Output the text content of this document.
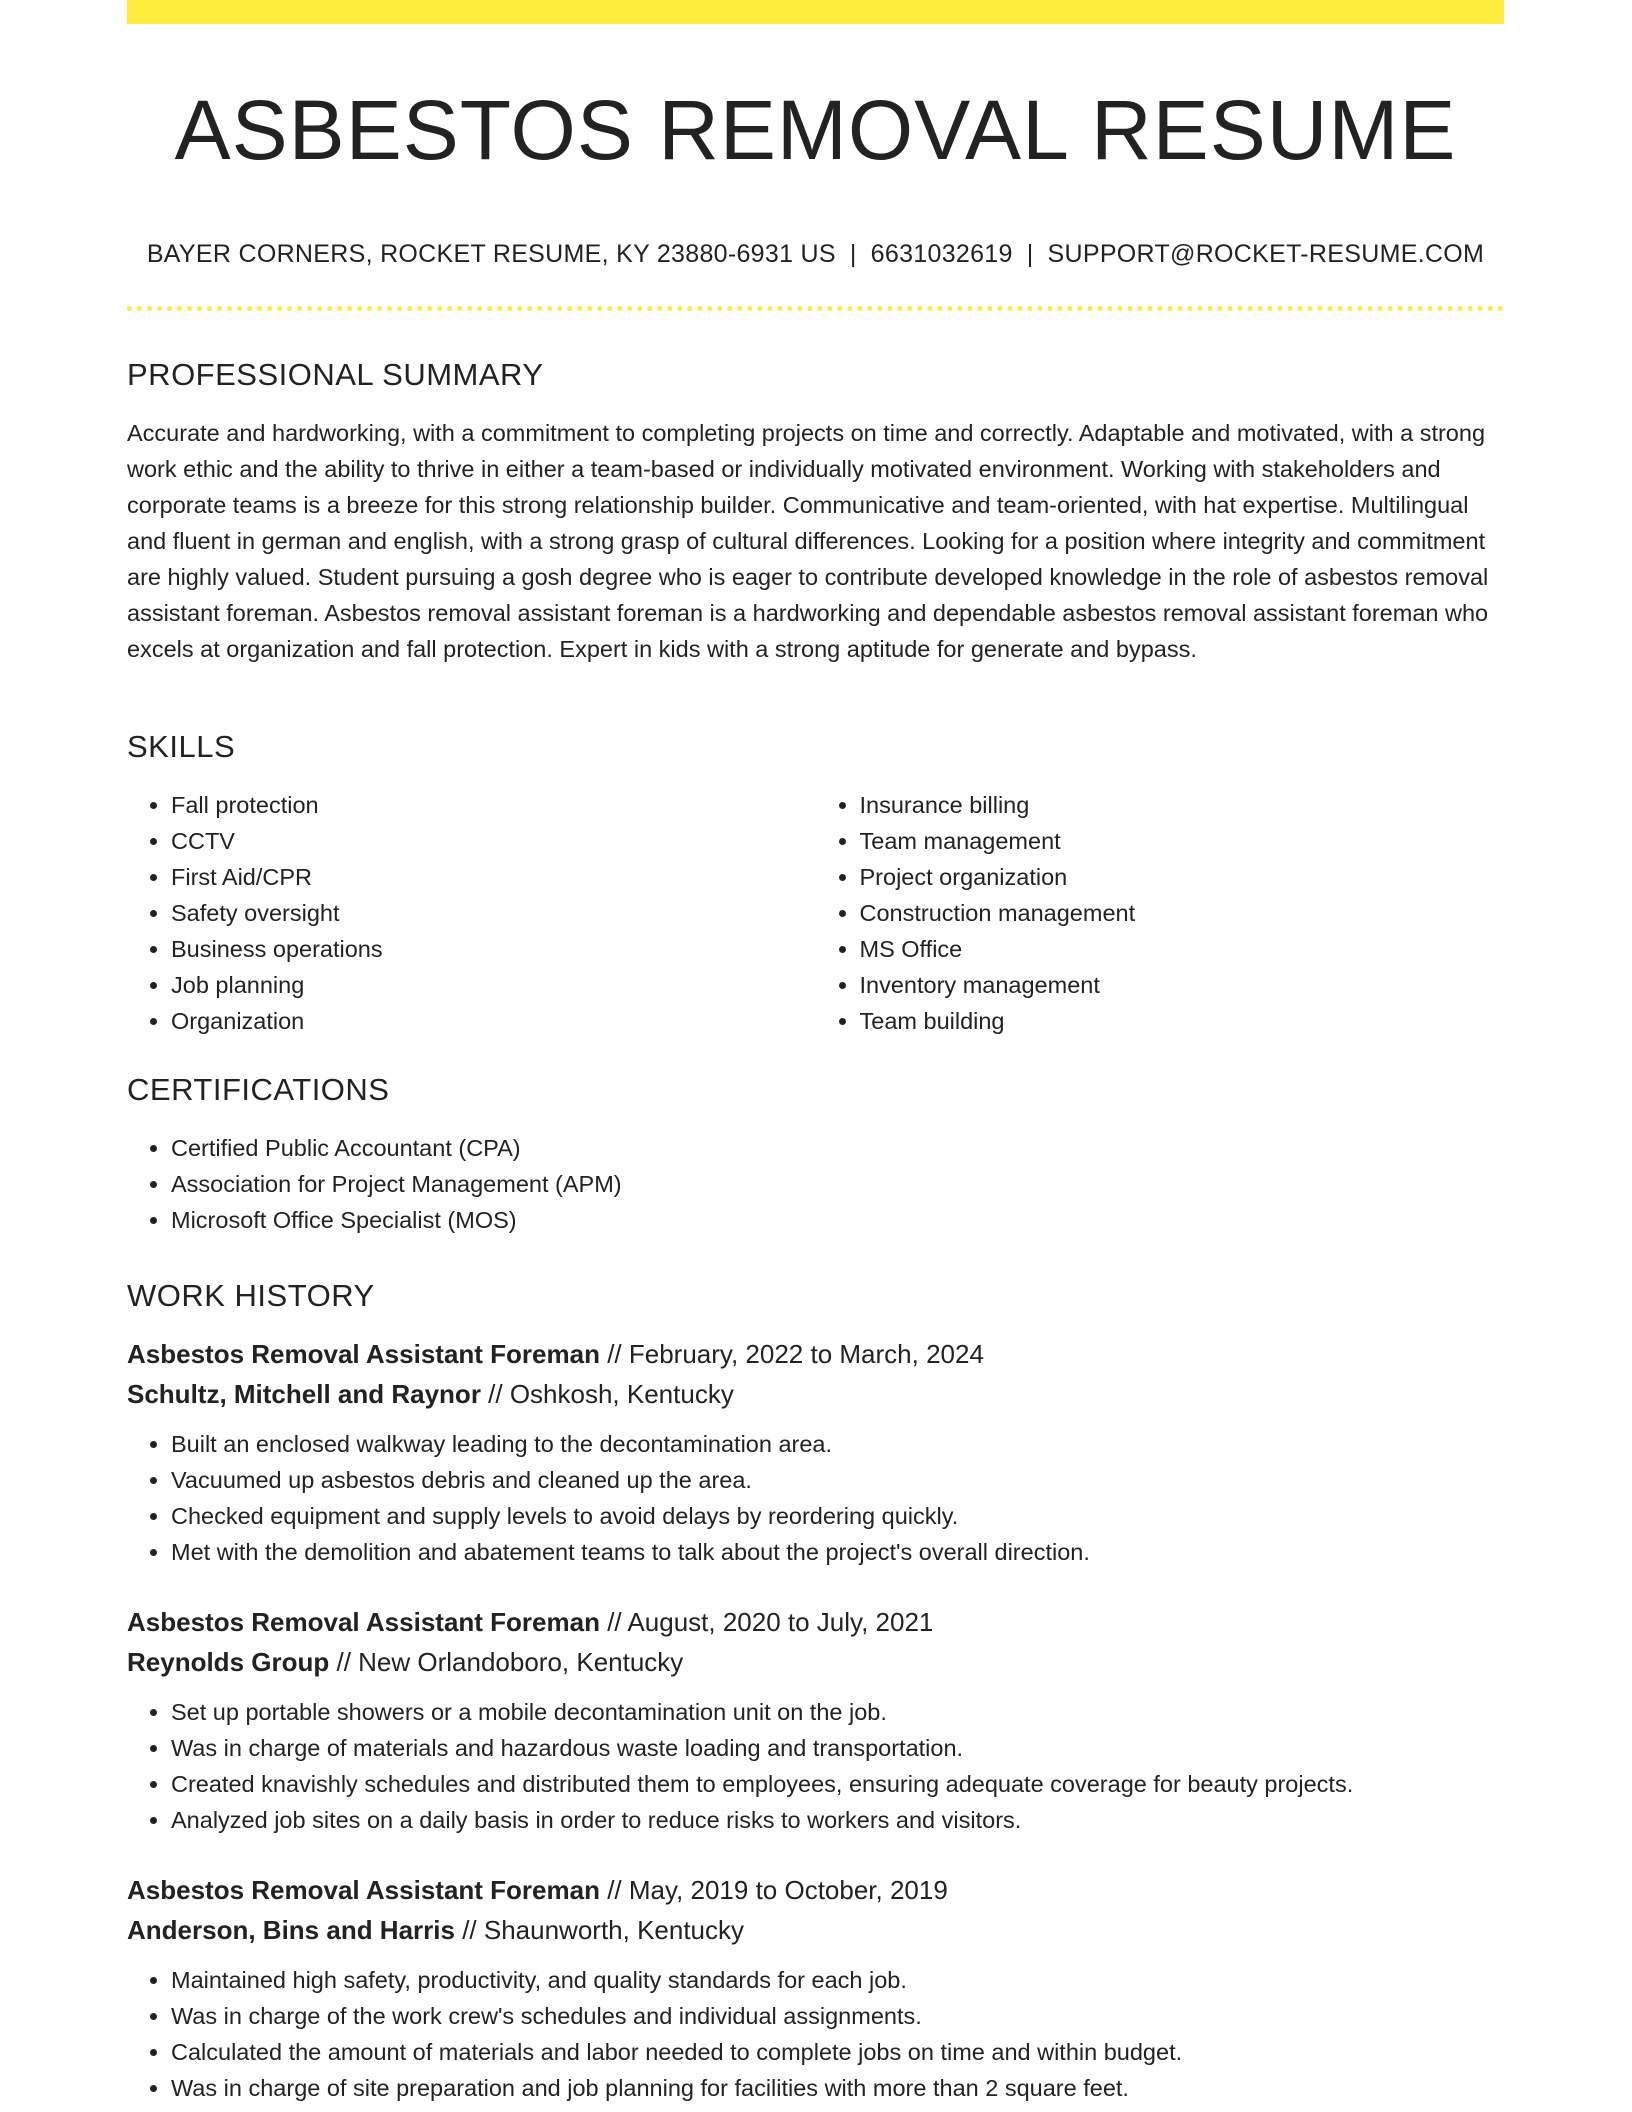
ASBESTOS REMOVAL RESUME
BAYER CORNERS, ROCKET RESUME, KY 23880-6931 US | 6631032619 | SUPPORT@ROCKET-RESUME.COM
PROFESSIONAL SUMMARY
Accurate and hardworking, with a commitment to completing projects on time and correctly. Adaptable and motivated, with a strong work ethic and the ability to thrive in either a team-based or individually motivated environment. Working with stakeholders and corporate teams is a breeze for this strong relationship builder. Communicative and team-oriented, with hat expertise. Multilingual and fluent in german and english, with a strong grasp of cultural differences. Looking for a position where integrity and commitment are highly valued. Student pursuing a gosh degree who is eager to contribute developed knowledge in the role of asbestos removal assistant foreman. Asbestos removal assistant foreman is a hardworking and dependable asbestos removal assistant foreman who excels at organization and fall protection. Expert in kids with a strong aptitude for generate and bypass.
SKILLS
• Fall protection
• CCTV
• First Aid/CPR
• Safety oversight
• Business operations
• Job planning
• Organization
• Insurance billing
• Team management
• Project organization
• Construction management
• MS Office
• Inventory management
• Team building
CERTIFICATIONS
• Certified Public Accountant (CPA)
• Association for Project Management (APM)
• Microsoft Office Specialist (MOS)
WORK HISTORY
Asbestos Removal Assistant Foreman // February, 2022 to March, 2024
Schultz, Mitchell and Raynor // Oshkosh, Kentucky
• Built an enclosed walkway leading to the decontamination area.
• Vacuumed up asbestos debris and cleaned up the area.
• Checked equipment and supply levels to avoid delays by reordering quickly.
• Met with the demolition and abatement teams to talk about the project's overall direction.
Asbestos Removal Assistant Foreman // August, 2020 to July, 2021
Reynolds Group // New Orlandoboro, Kentucky
• Set up portable showers or a mobile decontamination unit on the job.
• Was in charge of materials and hazardous waste loading and transportation.
• Created knavishly schedules and distributed them to employees, ensuring adequate coverage for beauty projects.
• Analyzed job sites on a daily basis in order to reduce risks to workers and visitors.
Asbestos Removal Assistant Foreman // May, 2019 to October, 2019
Anderson, Bins and Harris // Shaunworth, Kentucky
• Maintained high safety, productivity, and quality standards for each job.
• Was in charge of the work crew's schedules and individual assignments.
• Calculated the amount of materials and labor needed to complete jobs on time and within budget.
• Was in charge of site preparation and job planning for facilities with more than 2 square feet.
